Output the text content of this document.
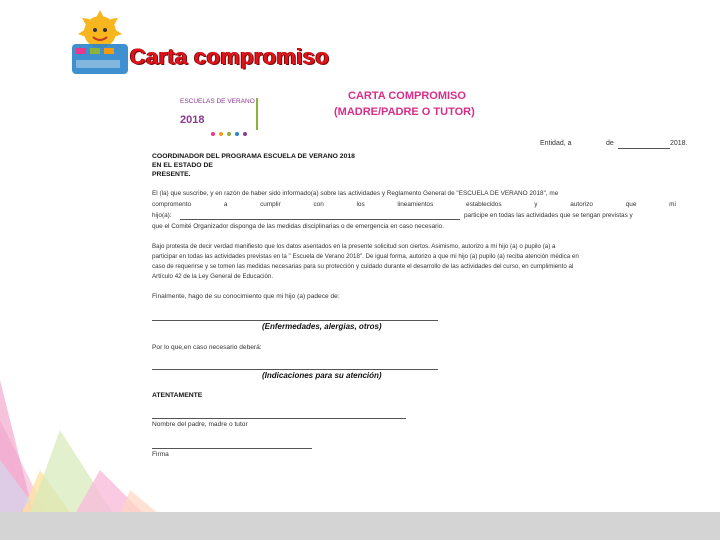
Carta compromiso
ESCUELAS DE VERANO
2018
CARTA COMPROMISO
(MADRE/PADRE O TUTOR)
Entidad, a	de	2018.
COORDINADOR DEL PROGRAMA ESCUELA DE VERANO 2018
EN EL ESTADO DE
PRESENTE.
El (la) que suscribe, y en razón de haber sido informado(a) sobre las actividades y Reglamento General de "ESCUELA DE VERANO 2018", me
compromento	a	cumplir	con	los	lineamientos	establecidos	y	autorizo	que	mi
hijo(a):	participe en todas las actividades que se tengan previstas y
que el Comité Organizador disponga de las medidas disciplinarias o de emergencia en caso necesario.
Bajo protesta de decir verdad manifiesto que los datos asentados en la presente solicitud son ciertos. Asimismo, autorizo a mi hijo (a) o pupilo (a) a
participar en todas las actividades previstas en la " Escuela de Verano 2018". De igual forma, autorizo a que mi hijo (a) pupilo (a) reciba atención médica en
caso de requerirse y se tomen las medidas necesarias para su protección y cuidado durante el desarrollo de las actividades del curso, en cumplimiento al
Artículo 42 de la Ley General de Educación.
Finalmente, hago de su conocimiento que mi hijo (a) padece de:
(Enfermedades, alergias, otros)
Por lo que,en caso necesario deberá:
(Indicaciones para su atención)
ATENTAMENTE
Nombre del padre, madre o tutor
Firma
